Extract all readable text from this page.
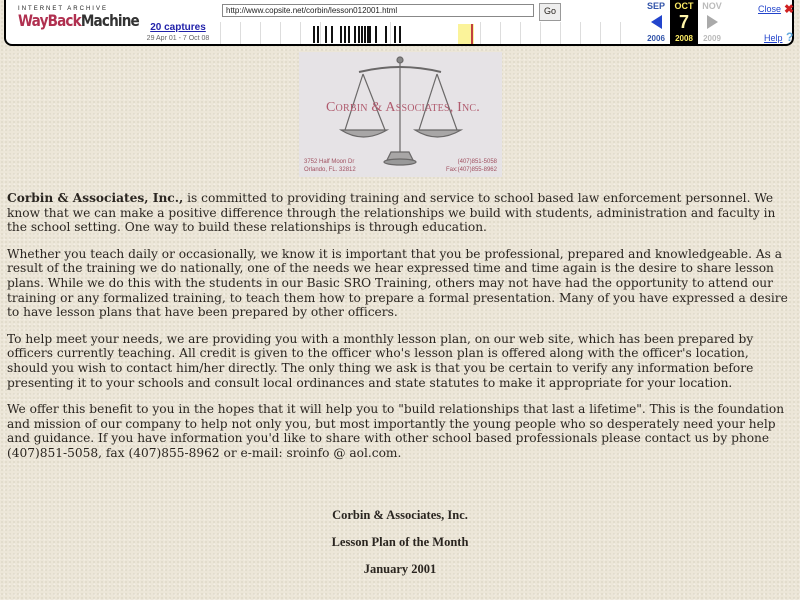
INTERNET ARCHIVE
WayBackMachine	20 captures
29 Apr 01 - 7 Oct 08
http://www.copsite.net/corbin/lesson012001.html
Go	SEP
2006
OCT
7
2008
NOV
2009
Close ✖
Help ?
Corbin & Associates, Inc.
3752 Half Moon Dr
Orlando, FL. 32812
(407)851-5058
Fax:(407)855-8962

Corbin & Associates, Inc., is committed to providing training and service to school based law enforcement personnel. We know that we can make a positive difference through the relationships we build with students, administration and faculty in the school setting. One way to build these relationships is through education.

Whether you teach daily or occasionally, we know it is important that you be professional, prepared and knowledgeable. As a result of the training we do nationally, one of the needs we hear expressed time and time again is the desire to share lesson plans. While we do this with the students in our Basic SRO Training, others may not have had the opportunity to attend our training or any formalized training, to teach them how to prepare a formal presentation. Many of you have expressed a desire to have lesson plans that have been prepared by other officers.

To help meet your needs, we are providing you with a monthly lesson plan, on our web site, which has been prepared by officers currently teaching. All credit is given to the officer who's lesson plan is offered along with the officer's location, should you wish to contact him/her directly. The only thing we ask is that you be certain to verify any information before presenting it to your schools and consult local ordinances and state statutes to make it appropriate for your location.

We offer this benefit to you in the hopes that it will help you to "build relationships that last a lifetime". This is the foundation and mission of our company to help not only you, but most importantly the young people who so desperately need your help and guidance. If you have information you'd like to share with other school based professionals please contact us by phone (407)851-5058, fax (407)855-8962 or e-mail: sroinfo @ aol.com.

Corbin & Associates, Inc.
Lesson Plan of the Month
January 2001
